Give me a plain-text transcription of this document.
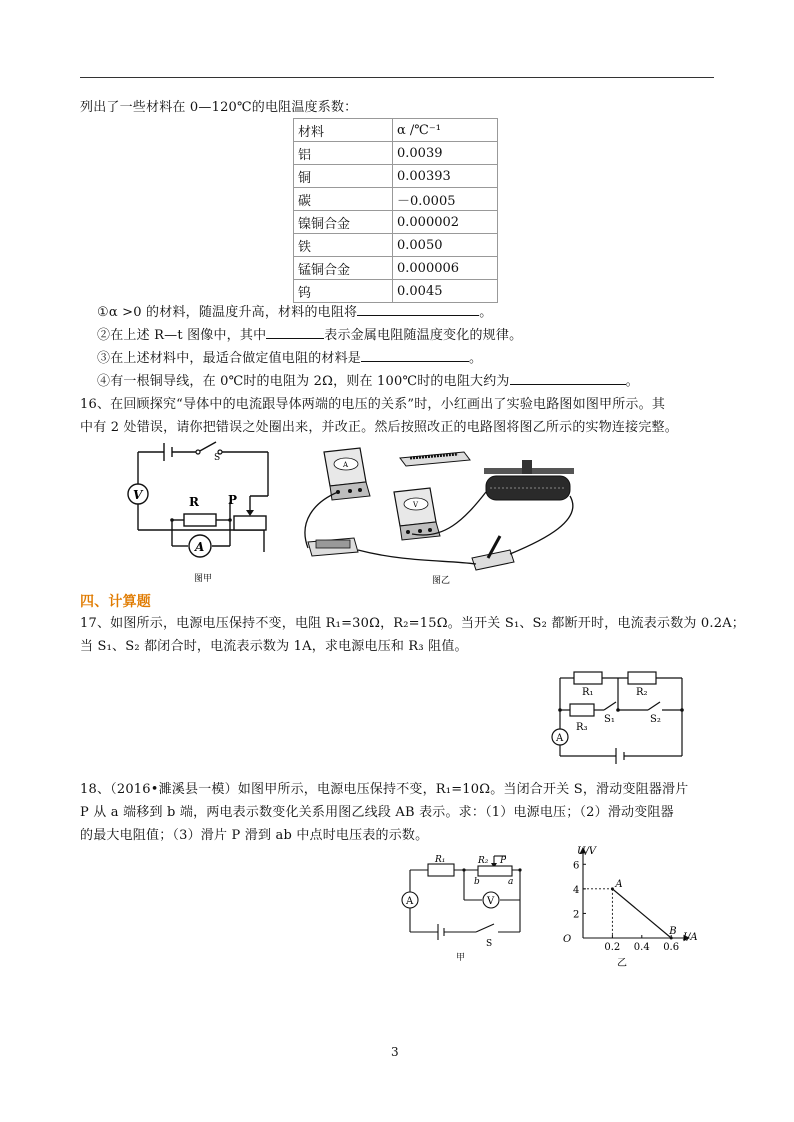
列出了一些材料在 0—120℃的电阻温度系数：
材料	α /℃⁻¹
铝	0.0039
铜	0.00393
碳	－0.0005
镍铜合金	0.000002
铁	0.0050
锰铜合金	0.000006
钨	0.0045
①α >0 的材料，随温度升高，材料的电阻将	。
②在上述 R—t 图像中，其中	表示金属电阻随温度变化的规律。
③在上述材料中，最适合做定值电阻的材料是	。
④有一根铜导线，在 0℃时的电阻为 2Ω，则在 100℃时的电阻大约为	。
16、在回顾探究“导体中的电流跟导体两端的电压的关系”时，小红画出了实验电路图如图甲所示。其
中有 2 处错误，请你把错误之处圈出来，并改正。然后按照改正的电路图将图乙所示的实物连接完整。
V
A
R P
S
图甲
A
V
图乙
四、计算题
17、如图所示，电源电压保持不变，电阻 R₁=30Ω，R₂=15Ω。当开关 S₁、S₂ 都断开时，电流表示数为 0.2A；
当 S₁、S₂ 都闭合时，电流表示数为 1A，求电源电压和 R₃ 阻值。
R₁	R₂
R₃
S₁	S₂
A
18、（2016•濉溪县一模）如图甲所示，电源电压保持不变，R₁=10Ω。当闭合开关 S，滑动变阻器滑片
P 从 a 端移到 b 端，两电表示数变化关系用图乙线段 AB 表示。求：（1）电源电压；（2）滑动变阻器
的最大电阻值；（3）滑片 P 滑到 ab 中点时电压表的示数。
R₁	R₂ P
b	a
A	V
S
甲
0.2 0.4 0.6
2
4
6
A
B
U/V
I/A
O
乙
3
